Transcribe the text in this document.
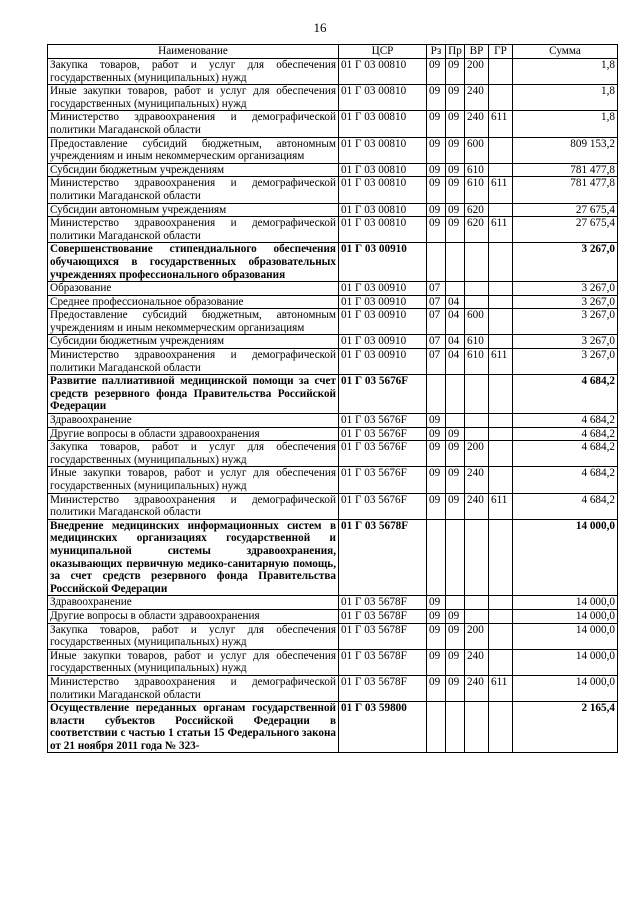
16
Наименование	ЦСР	Рз	Пр	ВР	ГР	Сумма
Закупка товаров, работ и услуг для обеспечения государственных (муниципальных) нужд	01 Г 03 00810	09	09	200		1,8
Иные закупки товаров, работ и услуг для обеспечения государственных (муниципальных) нужд	01 Г 03 00810	09	09	240		1,8
Министерство здравоохранения и демографической политики Магаданской области	01 Г 03 00810	09	09	240	611	1,8
Предоставление субсидий бюджетным, автономным учреждениям и иным некоммерческим организациям	01 Г 03 00810	09	09	600		809 153,2
Субсидии бюджетным учреждениям	01 Г 03 00810	09	09	610		781 477,8
Министерство здравоохранения и демографической политики Магаданской области	01 Г 03 00810	09	09	610	611	781 477,8
Субсидии автономным учреждениям	01 Г 03 00810	09	09	620		27 675,4
Министерство здравоохранения и демографической политики Магаданской области	01 Г 03 00810	09	09	620	611	27 675,4
Совершенствование стипендиального обеспечения обучающихся в государственных образовательных учреждениях профессионального образования	01 Г 03 00910					3 267,0
Образование	01 Г 03 00910	07				3 267,0
Среднее профессиональное образование	01 Г 03 00910	07	04			3 267,0
Предоставление субсидий бюджетным, автономным учреждениям и иным некоммерческим организациям	01 Г 03 00910	07	04	600		3 267,0
Субсидии бюджетным учреждениям	01 Г 03 00910	07	04	610		3 267,0
Министерство здравоохранения и демографической политики Магаданской области	01 Г 03 00910	07	04	610	611	3 267,0
Развитие паллиативной медицинской помощи за счет средств резервного фонда Правительства Российской Федерации	01 Г 03 5676F					4 684,2
Здравоохранение	01 Г 03 5676F	09				4 684,2
Другие вопросы в области здравоохранения	01 Г 03 5676F	09	09			4 684,2
Закупка товаров, работ и услуг для обеспечения государственных (муниципальных) нужд	01 Г 03 5676F	09	09	200		4 684,2
Иные закупки товаров, работ и услуг для обеспечения государственных (муниципальных) нужд	01 Г 03 5676F	09	09	240		4 684,2
Министерство здравоохранения и демографической политики Магаданской области	01 Г 03 5676F	09	09	240	611	4 684,2
Внедрение медицинских информационных систем в медицинских организациях государственной и муниципальной системы здравоохранения, оказывающих первичную медико-санитарную помощь, за счет средств резервного фонда Правительства Российской Федерации	01 Г 03 5678F					14 000,0
Здравоохранение	01 Г 03 5678F	09				14 000,0
Другие вопросы в области здравоохранения	01 Г 03 5678F	09	09			14 000,0
Закупка товаров, работ и услуг для обеспечения государственных (муниципальных) нужд	01 Г 03 5678F	09	09	200		14 000,0
Иные закупки товаров, работ и услуг для обеспечения государственных (муниципальных) нужд	01 Г 03 5678F	09	09	240		14 000,0
Министерство здравоохранения и демографической политики Магаданской области	01 Г 03 5678F	09	09	240	611	14 000,0
Осуществление переданных органам государственной власти субъектов Российской Федерации в соответствии с частью 1 статьи 15 Федерального закона от 21 ноября 2011 года № 323-	01 Г 03 59800					2 165,4
